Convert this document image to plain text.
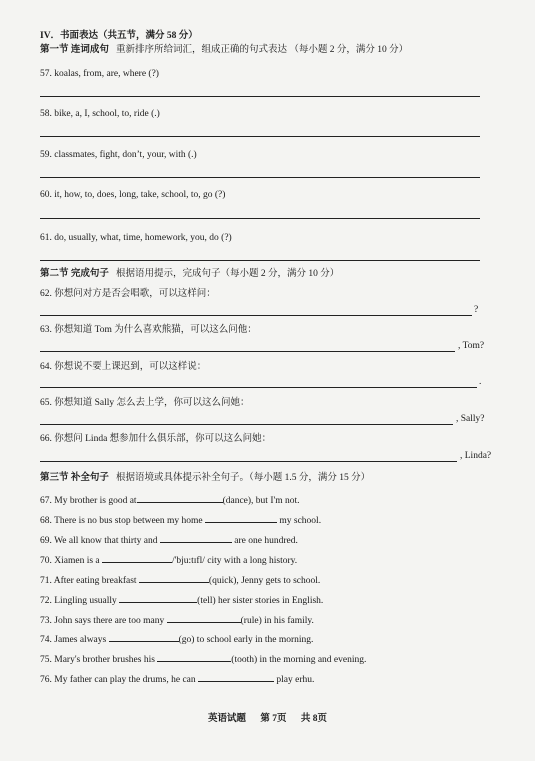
IV．书面表达（共五节，满分 58 分）
第一节 连词成句 重新排序所给词汇，组成正确的句式表达 （每小题 2 分，满分 10 分）
57. koalas, from, are, where (?)
58. bike, a, I, school, to, ride (.)
59. classmates, fight, don’t, your, with (.)
60. it, how, to, does, long, take, school, to, go (?)
61. do, usually, what, time, homework, you, do (?)
第二节 完成句子 根据语用提示，完成句子（每小题 2 分，满分 10 分）
62. 你想问对方是否会唱歌，可以这样问：
?
63. 你想知道 Tom 为什么喜欢熊猫，可以这么问他：
, Tom?
64. 你想说不要上课迟到，可以这样说：
.
65. 你想知道 Sally 怎么去上学，你可以这么问她：
, Sally?
66. 你想问 Linda 想参加什么俱乐部，你可以这么问她：
, Linda?
第三节 补全句子 根据语境或具体提示补全句子。（每小题 1.5 分，满分 15 分）
67. My brother is good at	(dance), but I'm not.
68. There is no bus stop between my home	my school.
69. We all know that thirty and	are one hundred.
70. Xiamen is a	/'bju:tɪfl/ city with a long history.
71. After eating breakfast	(quick), Jenny gets to school.
72. Lingling usually	(tell) her sister stories in English.
73. John says there are too many	(rule) in his family.
74. James always	(go) to school early in the morning.
75. Mary's brother brushes his	(tooth) in the morning and evening.
76. My father can play the drums, he can	play erhu.
英语试题 第 7页 共 8页
